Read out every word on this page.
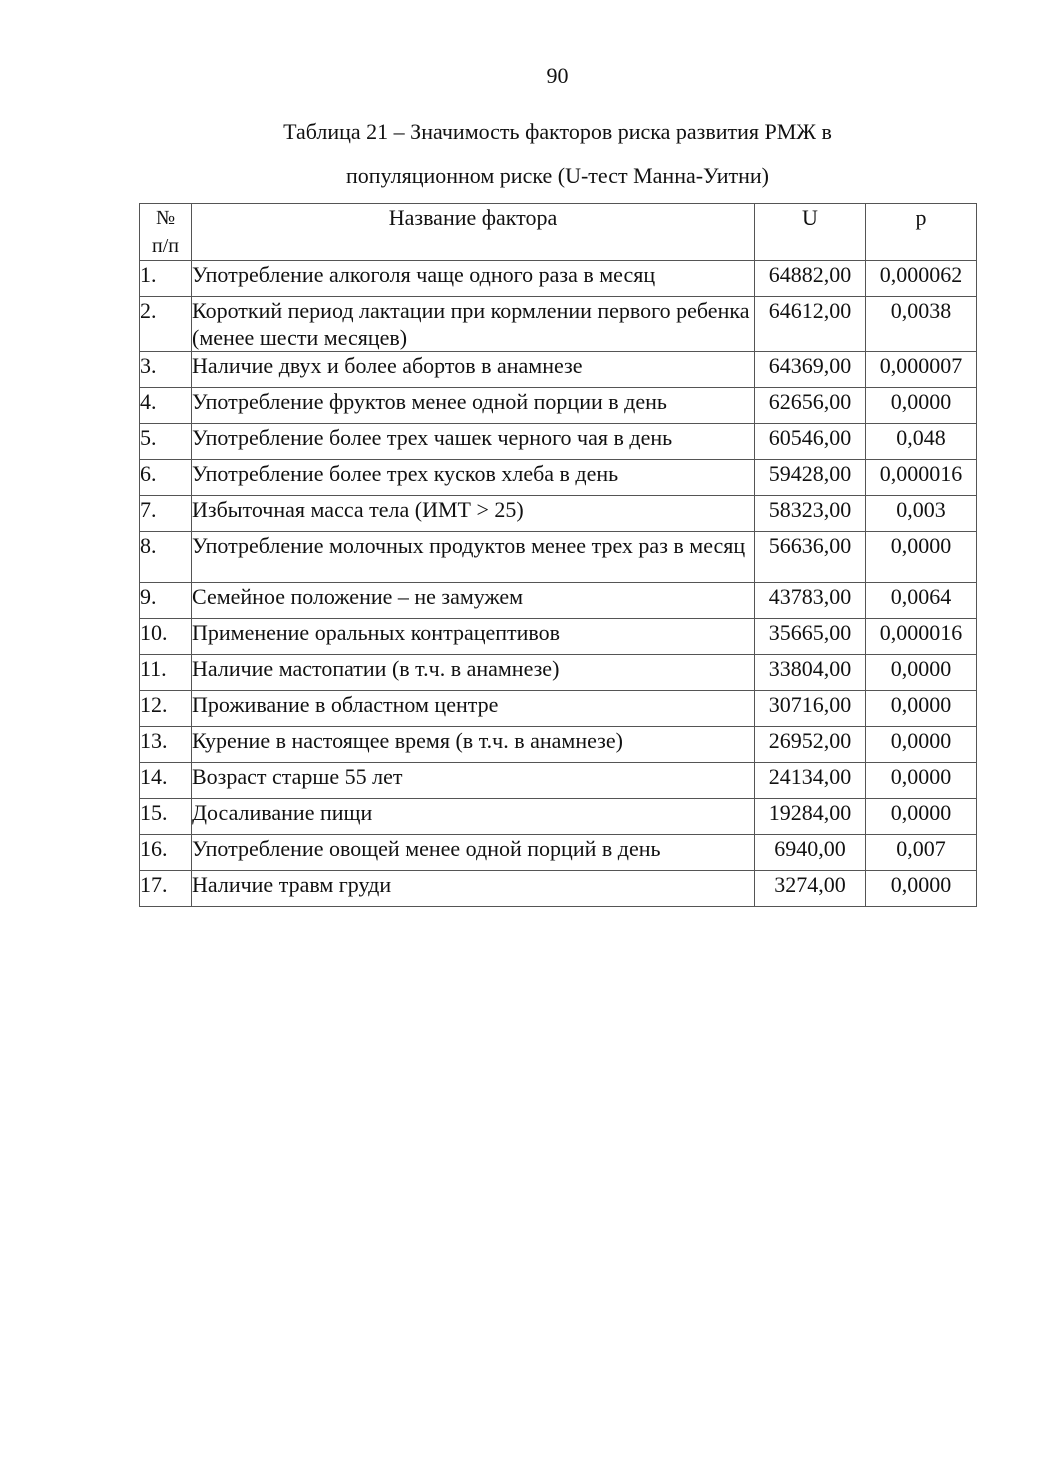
90
Таблица 21 – Значимость факторов риска развития РМЖ в
популяционном риске (U-тест Манна-Уитни)
№
п/п	Название фактора	U	p
1.	Употребление алкоголя чаще одного раза в месяц	64882,00	0,000062
2.	Короткий период лактации при кормлении первого ребенка (менее шести месяцев)	64612,00	0,0038
3.	Наличие двух и более абортов в анамнезе	64369,00	0,000007
4.	Употребление фруктов менее одной порции в день	62656,00	0,0000
5.	Употребление более трех чашек черного чая в день	60546,00	0,048
6.	Употребление более трех кусков хлеба в день	59428,00	0,000016
7.	Избыточная масса тела (ИМТ > 25)	58323,00	0,003
8.	Употребление молочных продуктов менее трех раз в месяц	56636,00	0,0000
9.	Семейное положение – не замужем	43783,00	0,0064
10.	Применение оральных контрацептивов	35665,00	0,000016
11.	Наличие мастопатии (в т.ч. в анамнезе)	33804,00	0,0000
12.	Проживание в областном центре	30716,00	0,0000
13.	Курение в настоящее время (в т.ч. в анамнезе)	26952,00	0,0000
14.	Возраст старше 55 лет	24134,00	0,0000
15.	Досаливание пищи	19284,00	0,0000
16.	Употребление овощей менее одной порций в день	6940,00	0,007
17.	Наличие травм груди	3274,00	0,0000
